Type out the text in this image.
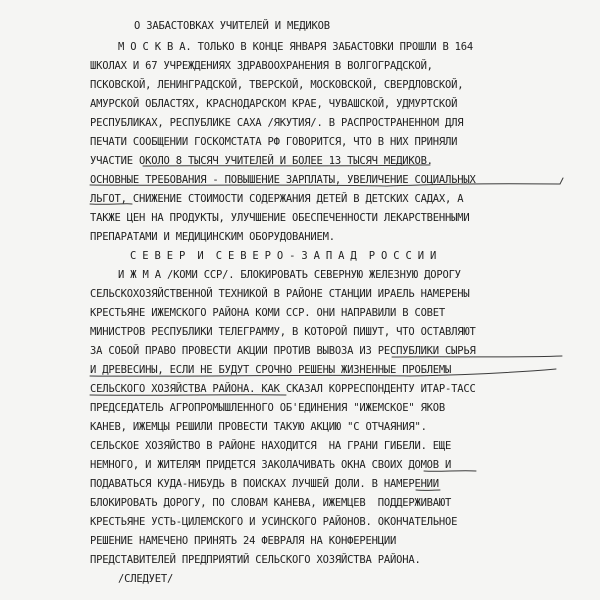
О ЗАБАСТОВКАХ УЧИТЕЛЕЙ И МЕДИКОВ
М О С К В А. ТОЛЬКО В КОНЦЕ ЯНВАРЯ ЗАБАСТОВКИ ПРОШЛИ В 164
ШКОЛАХ И 67 УЧРЕЖДЕНИЯХ ЗДРАВООХРАНЕНИЯ В ВОЛГОГРАДСКОЙ,
ПСКОВСКОЙ, ЛЕНИНГРАДСКОЙ, ТВЕРСКОЙ, МОСКОВСКОЙ, СВЕРДЛОВСКОЙ,
АМУРСКОЙ ОБЛАСТЯХ, КРАСНОДАРСКОМ КРАЕ, ЧУВАШСКОЙ, УДМУРТСКОЙ
РЕСПУБЛИКАХ, РЕСПУБЛИКЕ САХА /ЯКУТИЯ/. В РАСПРОСТРАНЕННОМ ДЛЯ
ПЕЧАТИ СООБЩЕНИИ ГОСКОМСТАТА РФ ГОВОРИТСЯ, ЧТО В НИХ ПРИНЯЛИ
УЧАСТИЕ ОКОЛО 8 ТЫСЯЧ УЧИТЕЛЕЙ И БОЛЕЕ 13 ТЫСЯЧ МЕДИКОВ.
ОСНОВНЫЕ ТРЕБОВАНИЯ - ПОВЫШЕНИЕ ЗАРПЛАТЫ, УВЕЛИЧЕНИЕ СОЦИАЛЬНЫХ
ЛЬГОТ, СНИЖЕНИЕ СТОИМОСТИ СОДЕРЖАНИЯ ДЕТЕЙ В ДЕТСКИХ САДАХ, А
ТАКЖЕ ЦЕН НА ПРОДУКТЫ, УЛУЧШЕНИЕ ОБЕСПЕЧЕННОСТИ ЛЕКАРСТВЕННЫМИ
ПРЕПАРАТАМИ И МЕДИЦИНСКИМ ОБОРУДОВАНИЕМ.
С Е В Е Р  И  С Е В Е Р О - З А П А Д  Р О С С И И
И Ж М А /КОМИ ССР/. БЛОКИРОВАТЬ СЕВЕРНУЮ ЖЕЛЕЗНУЮ ДОРОГУ
СЕЛЬСКОХОЗЯЙСТВЕННОЙ ТЕХНИКОЙ В РАЙОНЕ СТАНЦИИ ИРАЕЛЬ НАМЕРЕНЫ
КРЕСТЬЯНЕ ИЖЕМСКОГО РАЙОНА КОМИ ССР. ОНИ НАПРАВИЛИ В СОВЕТ
МИНИСТРОВ РЕСПУБЛИКИ ТЕЛЕГРАММУ, В КОТОРОЙ ПИШУТ, ЧТО ОСТАВЛЯЮТ
ЗА СОБОЙ ПРАВО ПРОВЕСТИ АКЦИИ ПРОТИВ ВЫВОЗА ИЗ РЕСПУБЛИКИ СЫРЬЯ
И ДРЕВЕСИНЫ, ЕСЛИ НЕ БУДУТ СРОЧНО РЕШЕНЫ ЖИЗНЕННЫЕ ПРОБЛЕМЫ
СЕЛЬСКОГО ХОЗЯЙСТВА РАЙОНА. КАК СКАЗАЛ КОРРЕСПОНДЕНТУ ИТАР-ТАСС
ПРЕДСЕДАТЕЛЬ АГРОПРОМЫШЛЕННОГО ОБ'ЕДИНЕНИЯ "ИЖЕМСКОЕ" ЯКОВ
КАНЕВ, ИЖЕМЦЫ РЕШИЛИ ПРОВЕСТИ ТАКУЮ АКЦИЮ "С ОТЧАЯНИЯ".
СЕЛЬСКОЕ ХОЗЯЙСТВО В РАЙОНЕ НАХОДИТСЯ  НА ГРАНИ ГИБЕЛИ. ЕЩЕ
НЕМНОГО, И ЖИТЕЛЯМ ПРИДЕТСЯ ЗАКОЛАЧИВАТЬ ОКНА СВОИХ ДОМОВ И
ПОДАВАТЬСЯ КУДА-НИБУДЬ В ПОИСКАХ ЛУЧШЕЙ ДОЛИ. В НАМЕРЕНИИ
БЛОКИРОВАТЬ ДОРОГУ, ПО СЛОВАМ КАНЕВА, ИЖЕМЦЕВ  ПОДДЕРЖИВАЮТ
КРЕСТЬЯНЕ УСТЬ-ЦИЛЕМСКОГО И УСИНСКОГО РАЙОНОВ. ОКОНЧАТЕЛЬНОЕ
РЕШЕНИЕ НАМЕЧЕНО ПРИНЯТЬ 24 ФЕВРАЛЯ НА КОНФЕРЕНЦИИ
ПРЕДСТАВИТЕЛЕЙ ПРЕДПРИЯТИЙ СЕЛЬСКОГО ХОЗЯЙСТВА РАЙОНА.
/СЛЕДУЕТ/
